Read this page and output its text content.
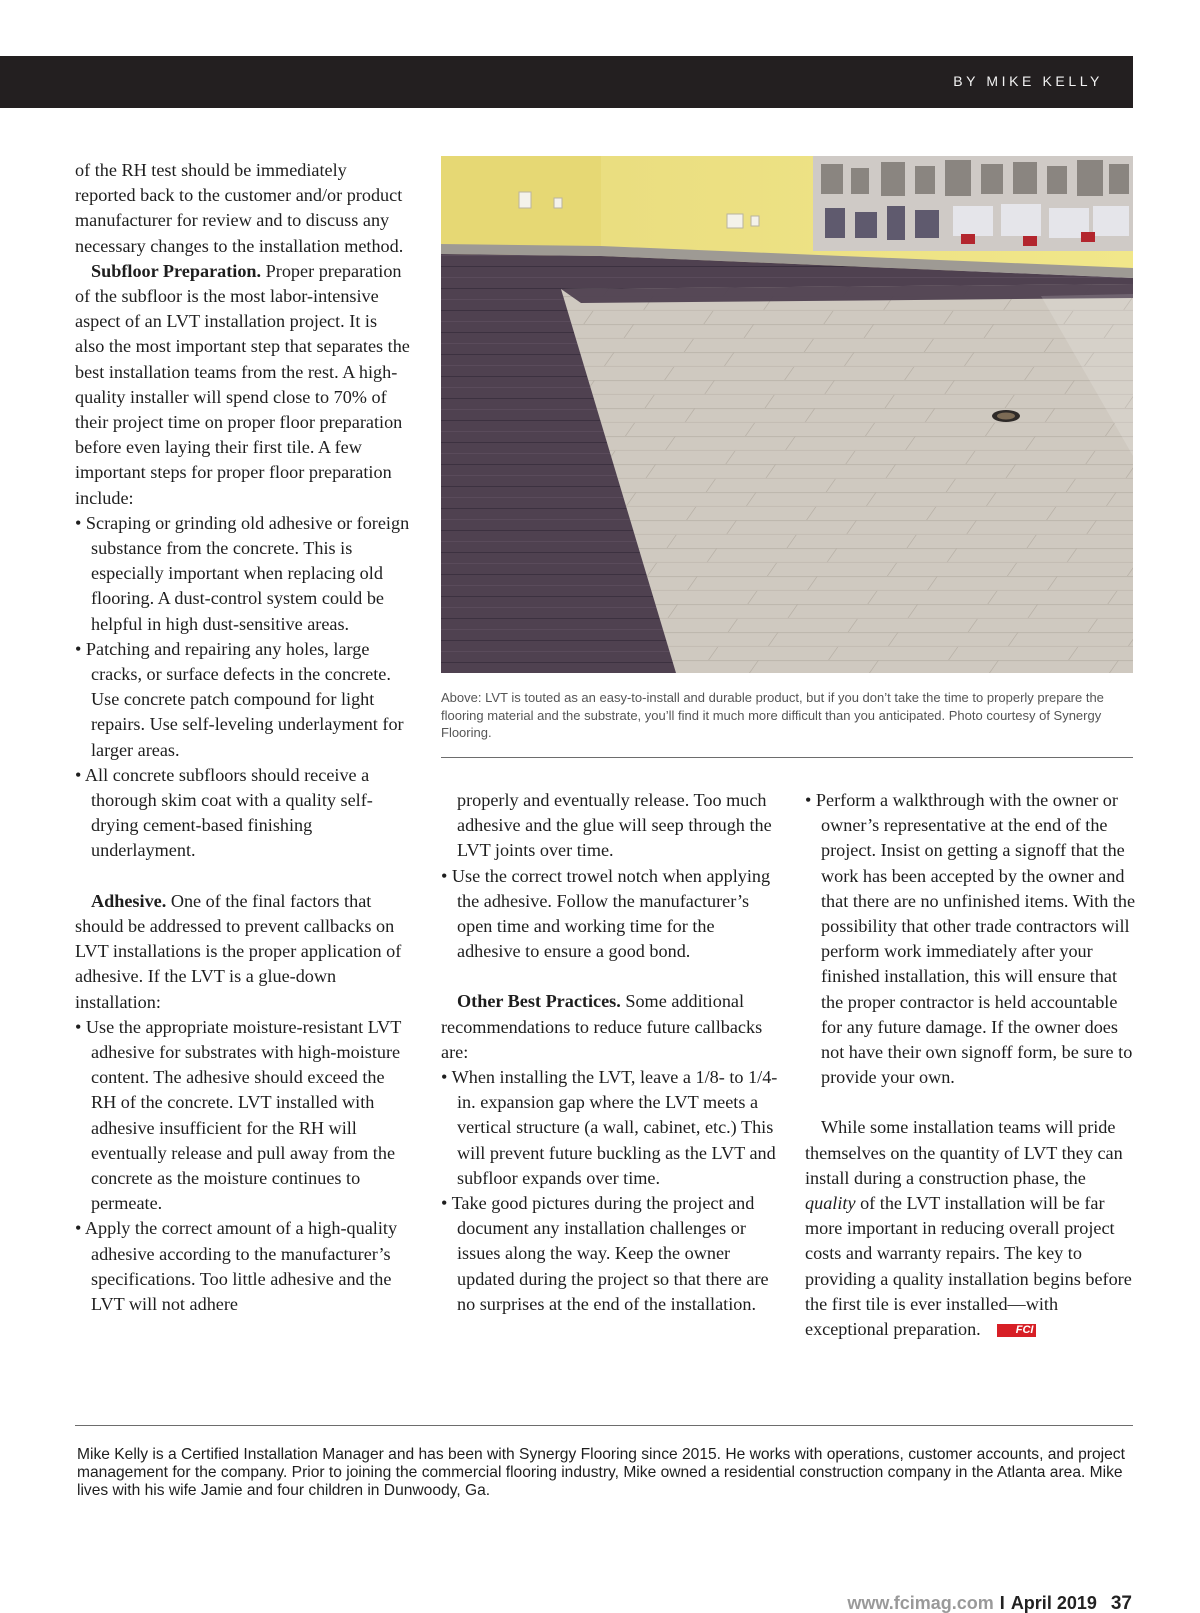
BY MIKE KELLY

of the RH test should be immediately reported back to the customer and/or product manufacturer for review and to discuss any necessary changes to the installation method.

Subfloor Preparation. Proper preparation of the subfloor is the most labor-intensive aspect of an LVT installation project. It is also the most important step that separates the best installation teams from the rest. A high-quality installer will spend close to 70% of their project time on proper floor preparation before even laying their first tile. A few important steps for proper floor preparation include:

• Scraping or grinding old adhesive or foreign substance from the concrete. This is especially important when replacing old flooring. A dust-control system could be helpful in high dust-sensitive areas.

• Patching and repairing any holes, large cracks, or surface defects in the concrete. Use concrete patch compound for light repairs. Use self-leveling underlayment for larger areas.

• All concrete subfloors should receive a thorough skim coat with a quality self-drying cement-based finishing underlayment.

Adhesive. One of the final factors that should be addressed to prevent callbacks on LVT installations is the proper application of adhesive. If the LVT is a glue-down installation:

• Use the appropriate moisture-resistant LVT adhesive for substrates with high-moisture content. The adhesive should exceed the RH of the concrete. LVT installed with adhesive insufficient for the RH will eventually release and pull away from the concrete as the moisture continues to permeate.

• Apply the correct amount of a high-quality adhesive according to the manufacturer’s specifications. Too little adhesive and the LVT will not adhere

Above: LVT is touted as an easy-to-install and durable product, but if you don’t take the time to properly prepare the flooring material and the substrate, you’ll find it much more difficult than you anticipated. Photo courtesy of Synergy Flooring.

properly and eventually release. Too much adhesive and the glue will seep through the LVT joints over time.

• Use the correct trowel notch when applying the adhesive. Follow the manufacturer’s open time and working time for the adhesive to ensure a good bond.

Other Best Practices. Some additional recommendations to reduce future callbacks are:

• When installing the LVT, leave a 1/8- to 1/4-in. expansion gap where the LVT meets a vertical structure (a wall, cabinet, etc.) This will prevent future buckling as the LVT and subfloor expands over time.

• Take good pictures during the project and document any installation challenges or issues along the way. Keep the owner updated during the project so that there are no surprises at the end of the installation.

• Perform a walkthrough with the owner or owner’s representative at the end of the project. Insist on getting a signoff that the work has been accepted by the owner and that there are no unfinished items. With the possibility that other trade contractors will perform work immediately after your finished installation, this will ensure that the proper contractor is held accountable for any future damage. If the owner does not have their own signoff form, be sure to provide your own.

While some installation teams will pride themselves on the quantity of LVT they can install during a construction phase, the quality of the LVT installation will be far more important in reducing overall project costs and warranty repairs. The key to providing a quality installation begins before the first tile is ever installed—with exceptional preparation.	FCI

Mike Kelly is a Certified Installation Manager and has been with Synergy Flooring since 2015. He works with operations, customer accounts, and project management for the company. Prior to joining the commercial flooring industry, Mike owned a residential construction company in the Atlanta area. Mike lives with his wife Jamie and four children in Dunwoody, Ga.

www.fcimag.com I April 2019 37
